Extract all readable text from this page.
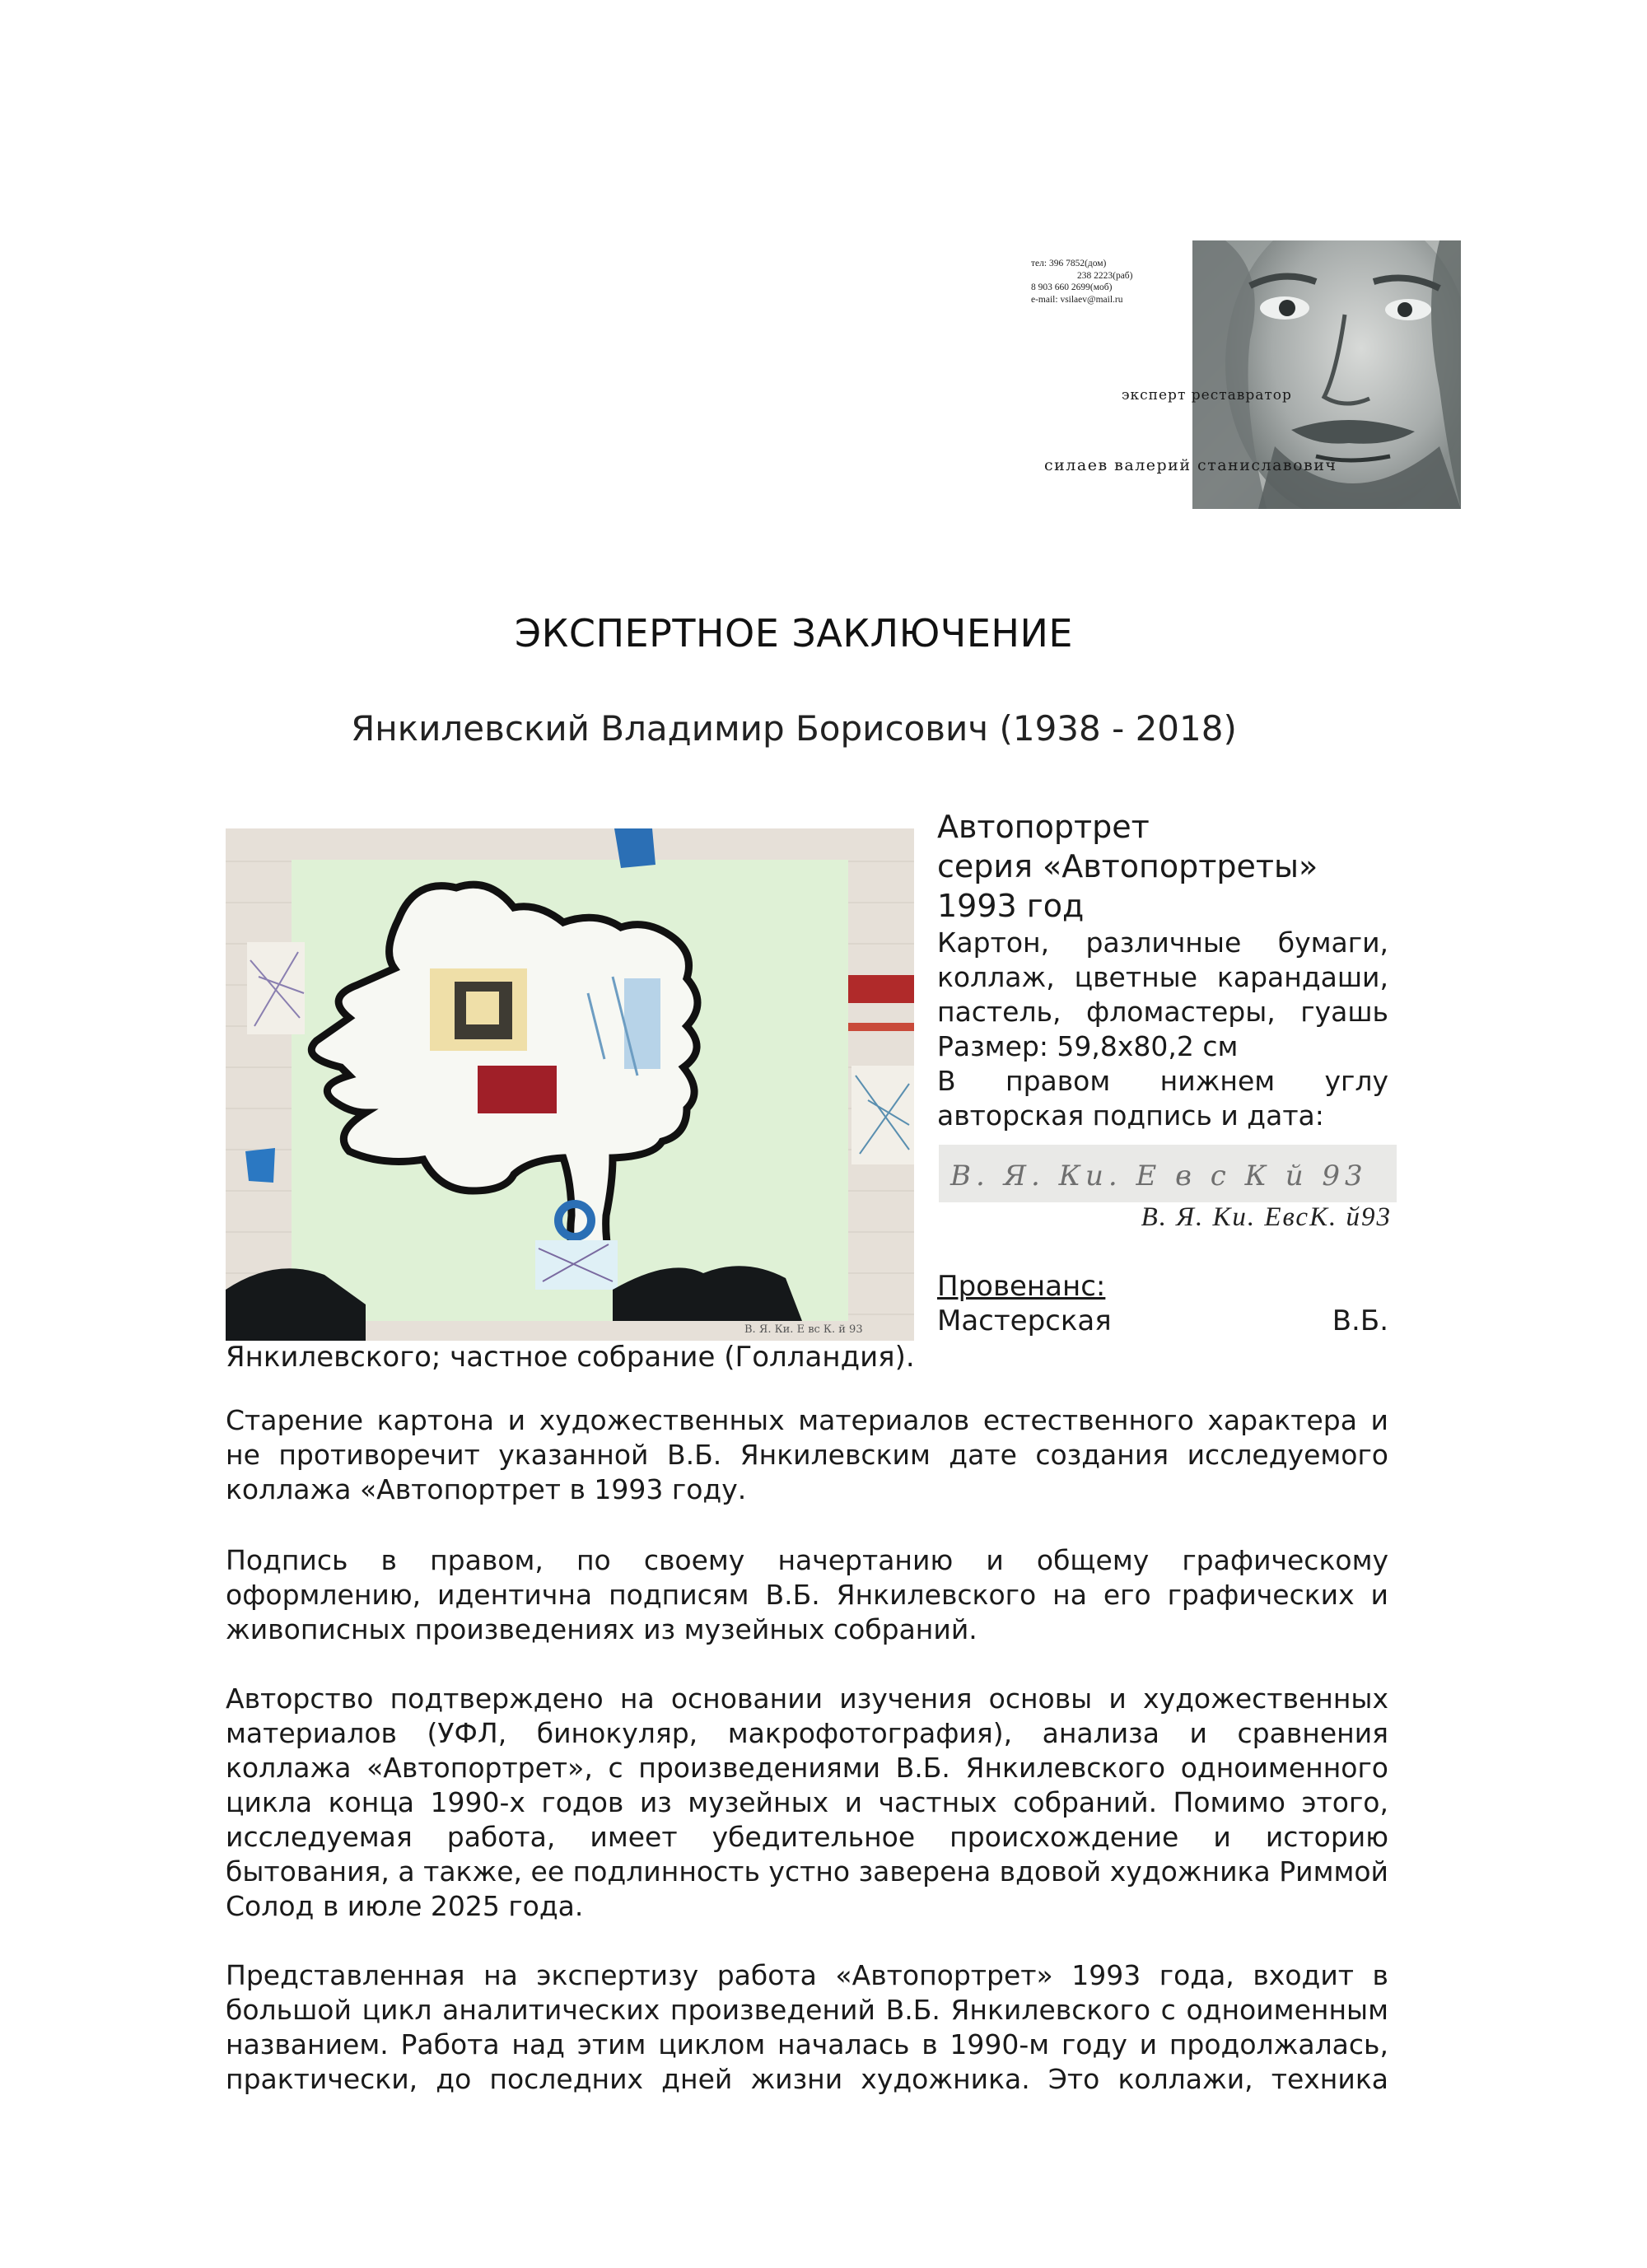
тел: 396 7852(дом)
238 2223(раб)
8 903 660 2699(моб)
e-mail: vsilaev@mail.ru
эксперт реставратор
силаев валерий станиславович
ЭКСПЕРТНОЕ ЗАКЛЮЧЕНИЕ
Янкилевский Владимир Борисович (1938 - 2018)
В. Я. Ки. Е вс К. й 93

Автопортрет

серия «Автопортреты»

1993 год

Картон, различные бумаги,

коллаж, цветные карандаши,

пастель, фломастеры, гуашь

Размер: 59,8х80,2 см

В правом нижнем углу

авторская подпись и дата:

В. Я. Ки. Е в с К й 93
В. Я. Ки. ЕвсК. й93
Провенанс:
Мастерская	В.Б.
Янкилевского; частное собрание (Голландия).
Старение картона и художественных материалов естественного характера и
не противоречит указанной В.Б. Янкилевским дате создания исследуемого
коллажа «Автопортрет в 1993 году.
Подпись в правом, по своему начертанию и общему графическому
оформлению, идентична подписям В.Б. Янкилевского на его графических и
живописных произведениях из музейных собраний.
Авторство подтверждено на основании изучения основы и художественных
материалов (УФЛ, бинокуляр, макрофотография), анализа и сравнения
коллажа «Автопортрет», с произведениями В.Б. Янкилевского одноименного
цикла конца 1990-х годов из музейных и частных собраний. Помимо этого,
исследуемая работа, имеет убедительное происхождение и историю
бытования, а также, ее подлинность устно заверена вдовой художника Риммой
Солод в июле 2025 года.
Представленная на экспертизу работа «Автопортрет» 1993 года, входит в
большой цикл аналитических произведений В.Б. Янкилевского с одноименным
названием. Работа над этим циклом началась в 1990-м году и продолжалась,
практически, до последних дней жизни художника. Это коллажи, техника
